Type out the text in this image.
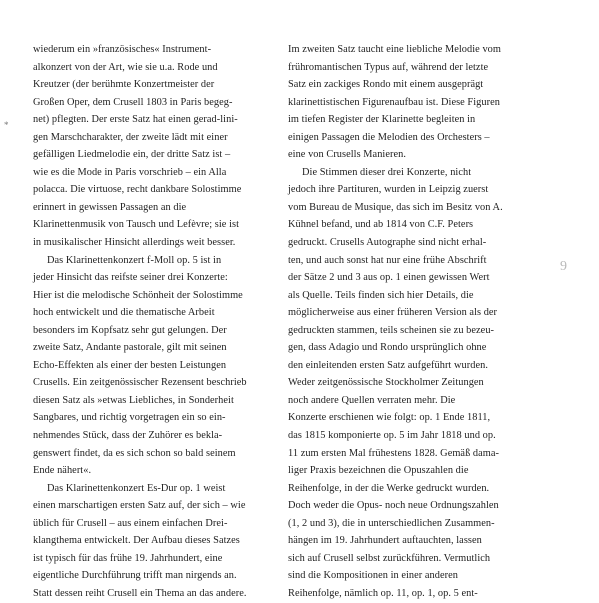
*
wiederum ein »französisches« Instrument-
alkonzert von der Art, wie sie u.a. Rode und
Kreutzer (der berühmte Konzertmeister der
Großen Oper, dem Crusell 1803 in Paris begeg-
net) pflegten. Der erste Satz hat einen gerad-lini-
gen Marschcharakter, der zweite lädt mit einer
gefälligen Liedmelodie ein, der dritte Satz ist –
wie es die Mode in Paris vorschrieb – ein Alla
polacca. Die virtuose, recht dankbare Solostimme
erinnert in gewissen Passagen an die
Klarinettenmusik von Tausch und Lefèvre; sie ist
in musikalischer Hinsicht allerdings weit besser.
Das Klarinettenkonzert f-Moll op. 5 ist in
jeder Hinsicht das reifste seiner drei Konzerte:
Hier ist die melodische Schönheit der Solostimme
hoch entwickelt und die thematische Arbeit
besonders im Kopfsatz sehr gut gelungen. Der
zweite Satz, Andante pastorale, gilt mit seinen
Echo-Effekten als einer der besten Leistungen
Crusells. Ein zeitgenössischer Rezensent beschrieb
diesen Satz als »etwas Liebliches, in Sonderheit
Sangbares, und richtig vorgetragen ein so ein-
nehmendes Stück, dass der Zuhörer es bekla-
genswert findet, da es sich schon so bald seinem
Ende nähert«.
Das Klarinettenkonzert Es-Dur op. 1 weist
einen marschartigen ersten Satz auf, der sich – wie
üblich für Crusell – aus einem einfachen Drei-
klangthema entwickelt. Der Aufbau dieses Satzes
ist typisch für das frühe 19. Jahrhundert, eine
eigentliche Durchführung trifft man nirgends an.
Statt dessen reiht Crusell ein Thema an das andere.
Im zweiten Satz taucht eine liebliche Melodie vom
frühromantischen Typus auf, während der letzte
Satz ein zackiges Rondo mit einem ausgeprägt
klarinettistischen Figurenaufbau ist. Diese Figuren
im tiefen Register der Klarinette begleiten in
einigen Passagen die Melodien des Orchesters –
eine von Crusells Manieren.
Die Stimmen dieser drei Konzerte, nicht
jedoch ihre Partituren, wurden in Leipzig zuerst
vom Bureau de Musique, das sich im Besitz von A.
Kühnel befand, und ab 1814 von C.F. Peters
gedruckt. Crusells Autographe sind nicht erhal-
ten, und auch sonst hat nur eine frühe Abschrift
der Sätze 2 und 3 aus op. 1 einen gewissen Wert
als Quelle. Teils finden sich hier Details, die
möglicherweise aus einer früheren Version als der
gedruckten stammen, teils scheinen sie zu bezeu-
gen, dass Adagio und Rondo ursprünglich ohne
den einleitenden ersten Satz aufgeführt wurden.
Weder zeitgenössische Stockholmer Zeitungen
noch andere Quellen verraten mehr. Die
Konzerte erschienen wie folgt: op. 1 Ende 1811,
das 1815 komponierte op. 5 im Jahr 1818 und op.
11 zum ersten Mal frühestens 1828. Gemäß dama-
liger Praxis bezeichnen die Opuszahlen die
Reihenfolge, in der die Werke gedruckt wurden.
Doch weder die Opus- noch neue Ordnungszahlen
(1, 2 und 3), die in unterschiedlichen Zusammen-
hängen im 19. Jahrhundert auftauchten, lassen
sich auf Crusell selbst zurückführen. Vermutlich
sind die Kompositionen in einer anderen
Reihenfolge, nämlich op. 11, op. 1, op. 5 ent-
9
